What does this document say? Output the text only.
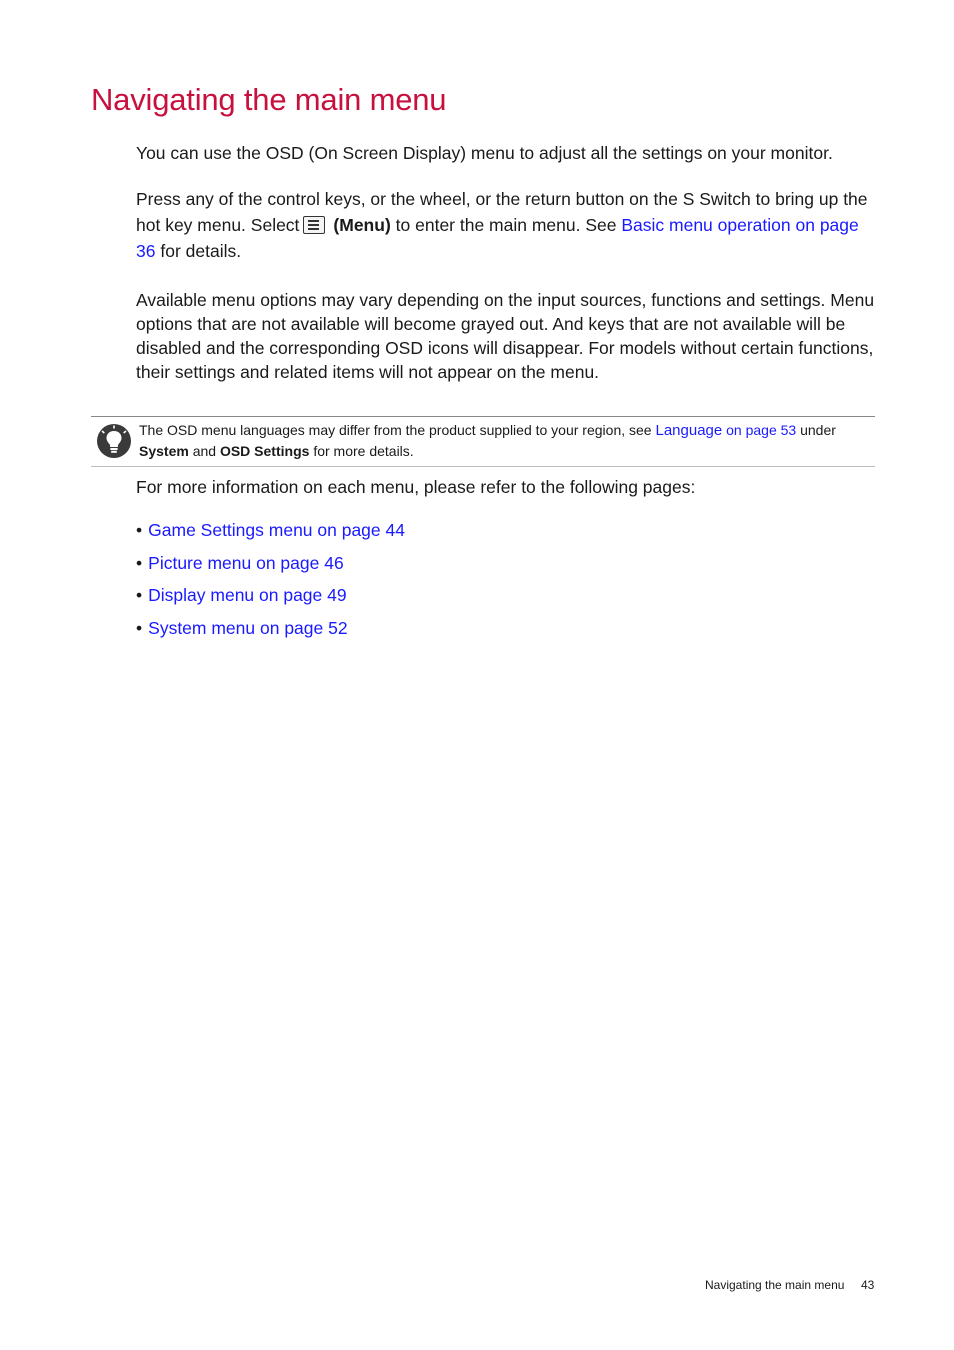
Navigating the main menu

You can use the OSD (On Screen Display) menu to adjust all the settings on your monitor.

Press any of the control keys, or the wheel, or the return button on the S Switch to bring up the hot key menu. Select (Menu) to enter the main menu. See Basic menu operation on page 36 for details.

Available menu options may vary depending on the input sources, functions and settings. Menu options that are not available will become grayed out. And keys that are not available will be disabled and the corresponding OSD icons will disappear. For models without certain functions, their settings and related items will not appear on the menu.

The OSD menu languages may differ from the product supplied to your region, see Language on page 53 under
System and OSD Settings for more details.

For more information on each menu, please refer to the following pages:

• Game Settings menu on page 44
• Picture menu on page 46
• Display menu on page 49
• System menu on page 52
Navigating the main menu 43
